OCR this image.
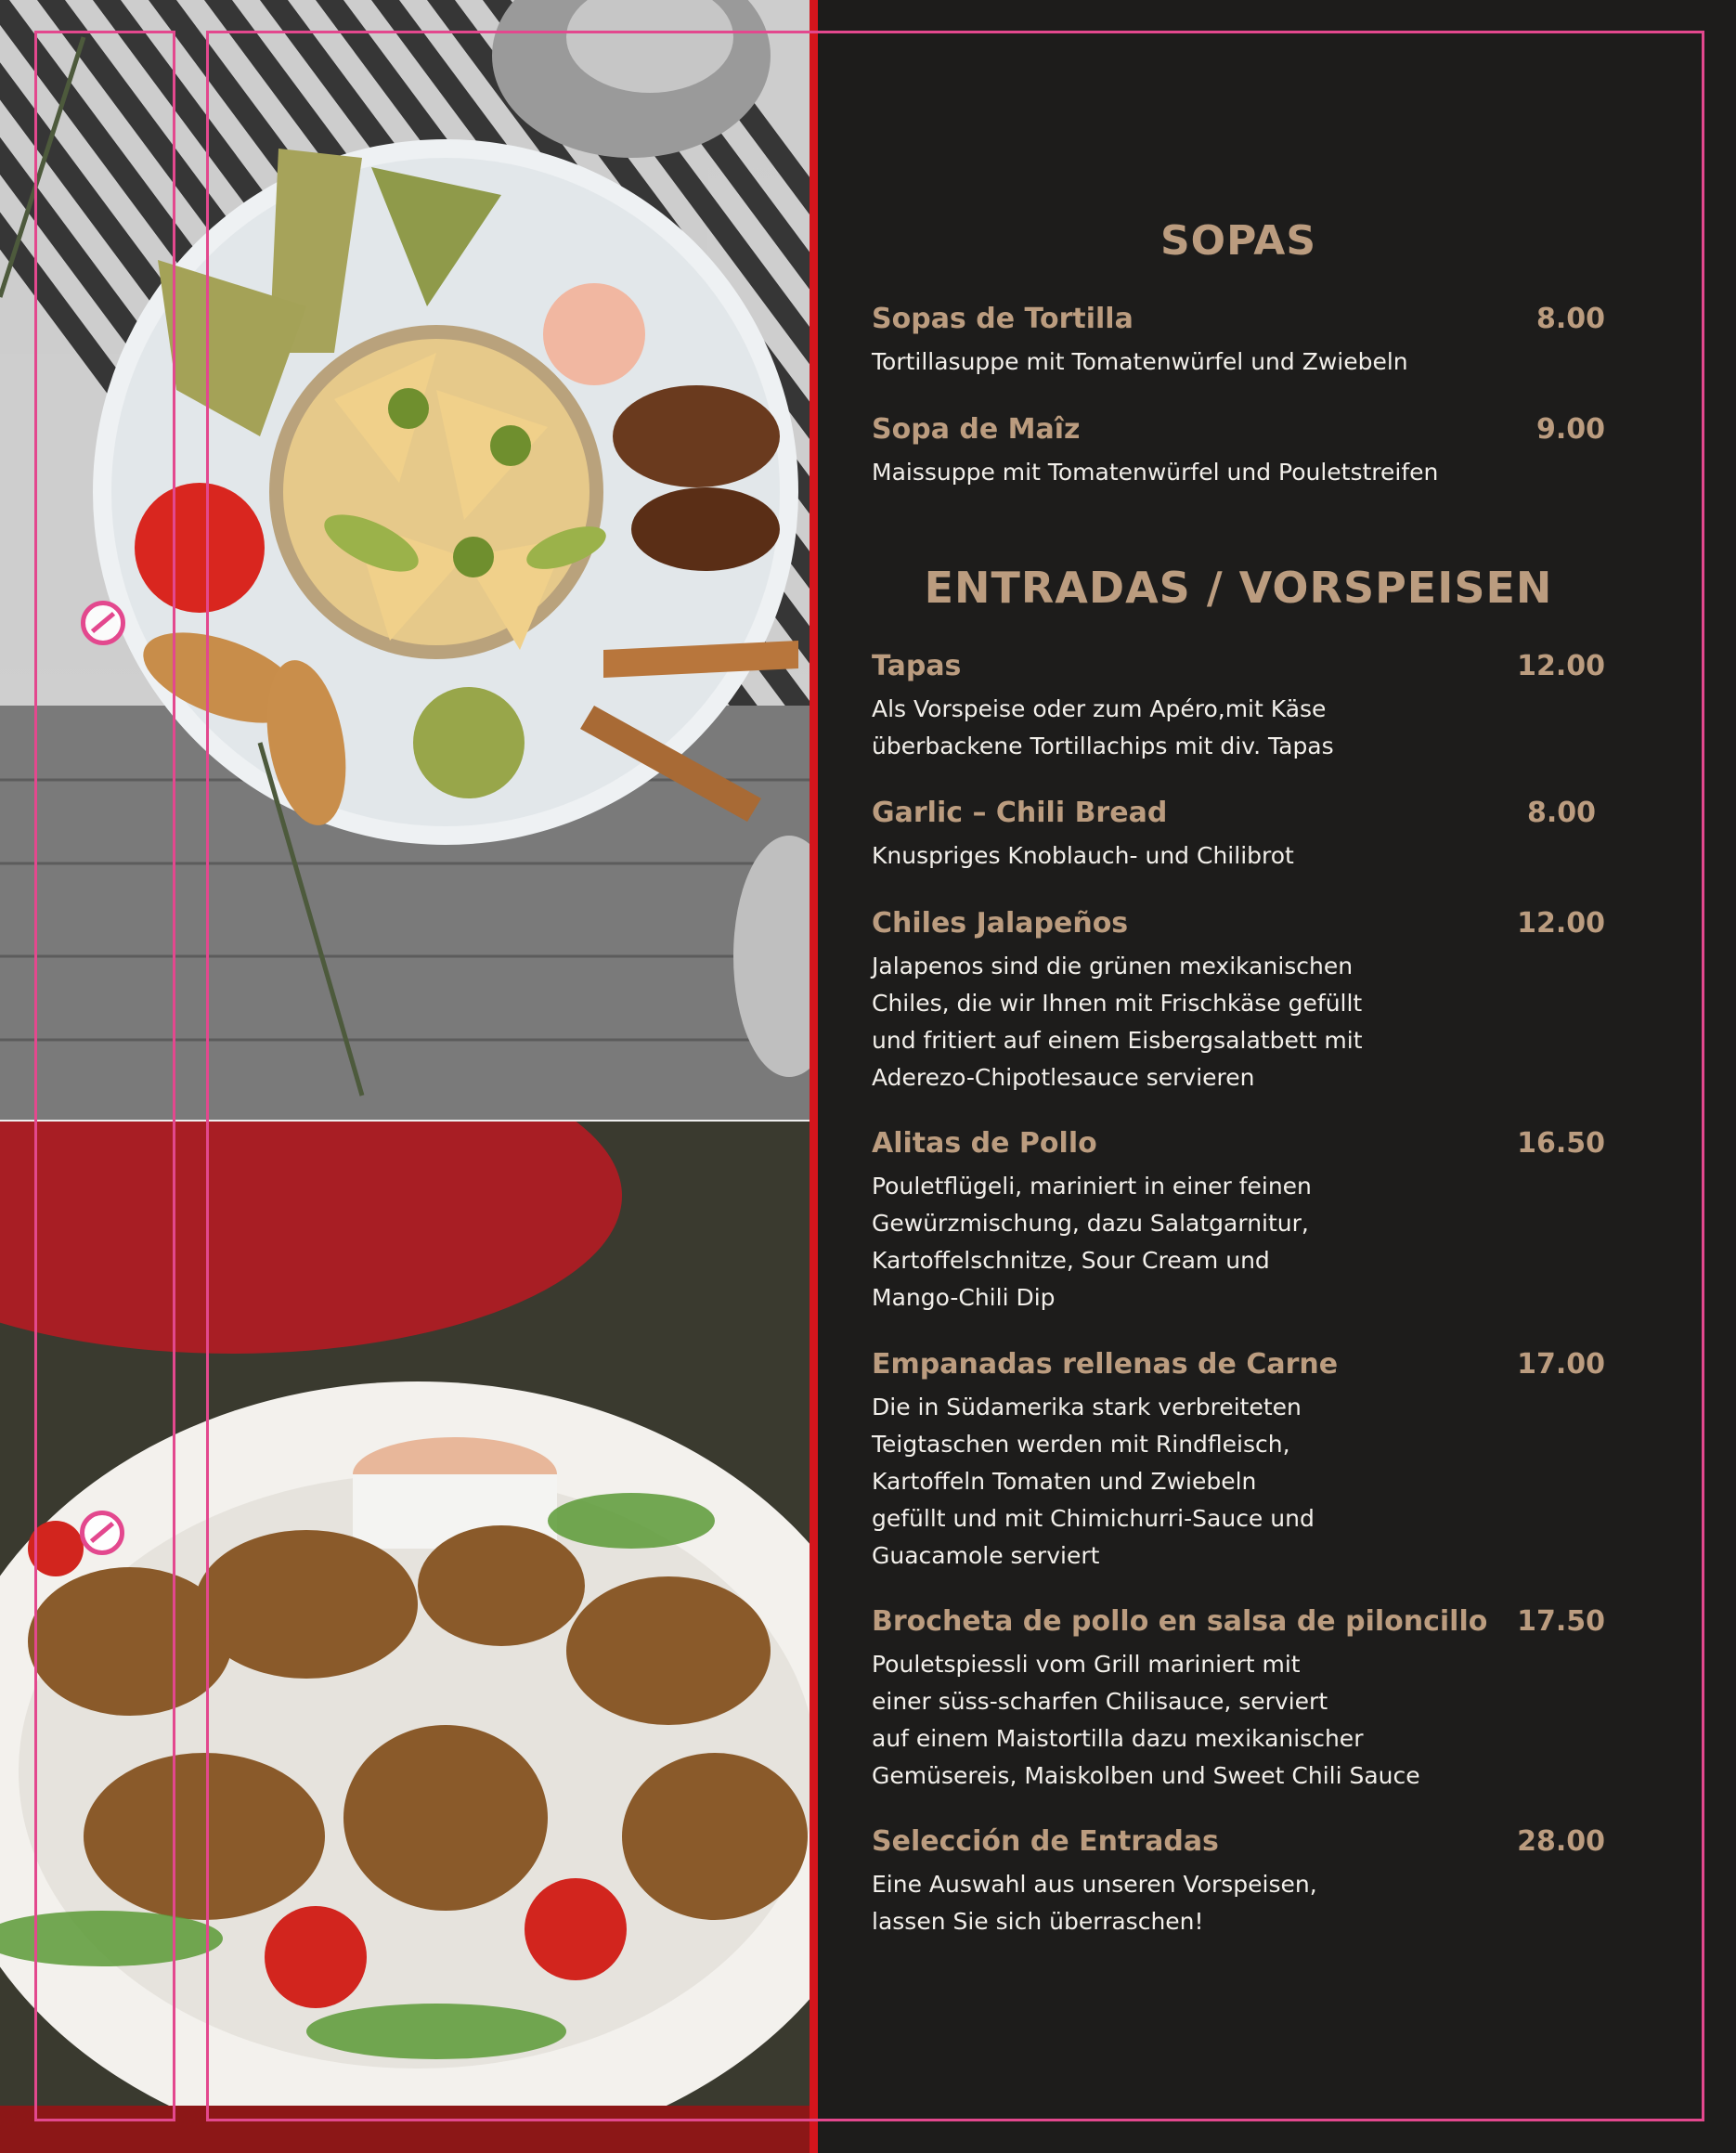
SOPAS
Sopas de Tortilla	8.00
Tortillasuppe mit Tomatenwürfel und Zwiebeln
Sopa de Maîz	9.00
Maissuppe mit Tomatenwürfel und Pouletstreifen
ENTRADAS / VORSPEISEN
Tapas	12.00
Als Vorspeise oder zum Apéro,mit Käse
überbackene Tortillachips mit div. Tapas
Garlic – Chili Bread	8.00
Knuspriges Knoblauch- und Chilibrot
Chiles Jalapeños	12.00
Jalapenos sind die grünen mexikanischen
Chiles, die wir Ihnen mit Frischkäse gefüllt
und fritiert auf einem Eisbergsalatbett mit
Aderezo-Chipotlesauce servieren
Alitas de Pollo	16.50
Pouletflügeli, mariniert in einer feinen
Gewürzmischung, dazu Salatgarnitur,
Kartoffelschnitze, Sour Cream und
Mango-Chili Dip
Empanadas rellenas de Carne	17.00
Die in Südamerika stark verbreiteten
Teigtaschen werden mit Rindfleisch,
Kartoffeln Tomaten und Zwiebeln
gefüllt und mit Chimichurri-Sauce und
Guacamole serviert
Brocheta de pollo en salsa de piloncillo 17.50
Pouletspiessli vom Grill mariniert mit
einer süss-scharfen Chilisauce, serviert
auf einem Maistortilla dazu mexikanischer
Gemüsereis, Maiskolben und Sweet Chili Sauce
Selección de Entradas	28.00
Eine Auswahl aus unseren Vorspeisen,
lassen Sie sich überraschen!
